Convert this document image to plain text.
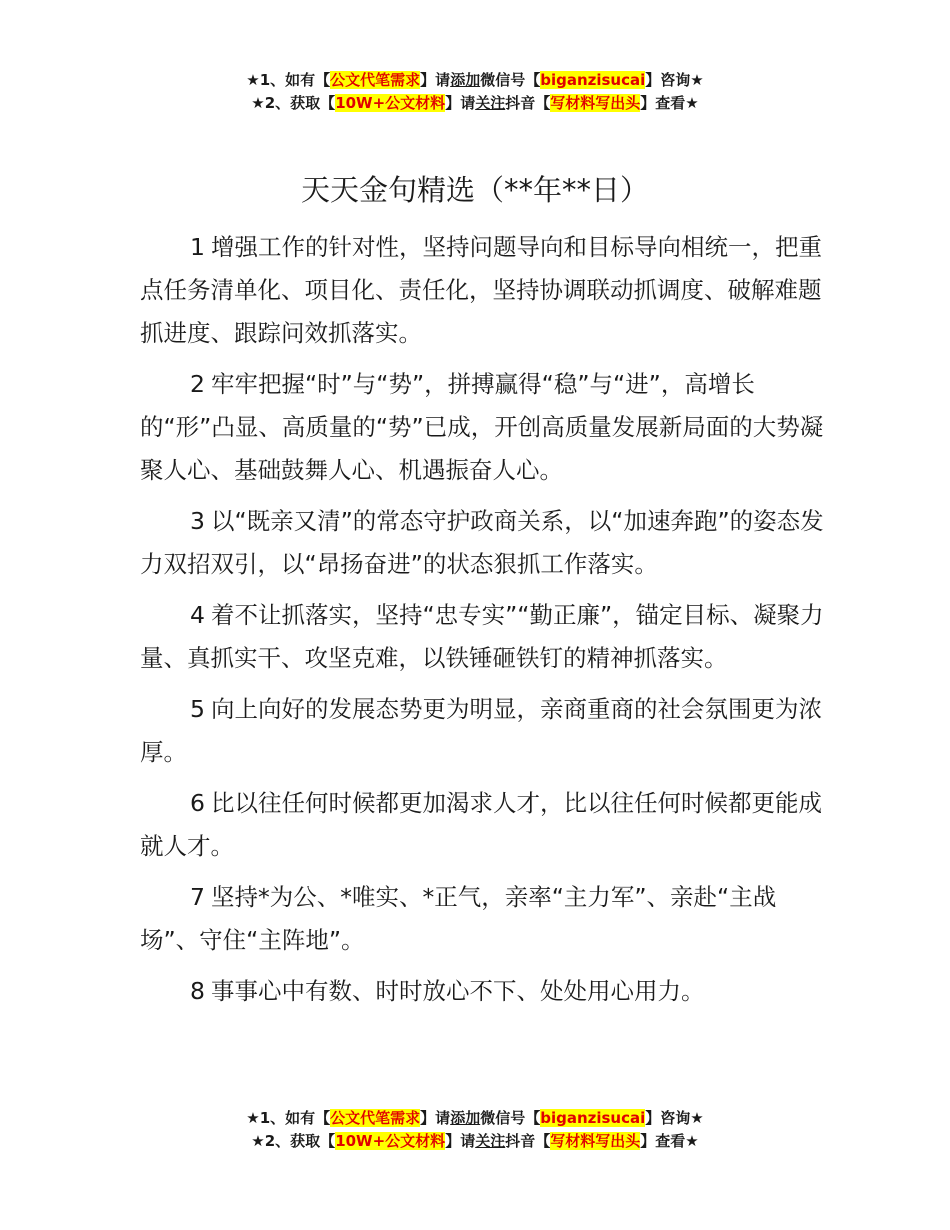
★1、如有【公文代笔需求】请添加微信号【biganzisucai】咨询★
★2、获取【10W+公文材料】请关注抖音【写材料写出头】查看★
天天金句精选（**年**日）

1 增强工作的针对性，坚持问题导向和目标导向相统一，把重点任务清单化、项目化、责任化，坚持协调联动抓调度、破解难题抓进度、跟踪问效抓落实。

2 牢牢把握“时”与“势”，拼搏赢得“稳”与“进”，高增长的“形”凸显、高质量的“势”已成，开创高质量发展新局面的大势凝聚人心、基础鼓舞人心、机遇振奋人心。

3 以“既亲又清”的常态守护政商关系，以“加速奔跑”的姿态发力双招双引，以“昂扬奋进”的状态狠抓工作落实。

4 着不让抓落实，坚持“忠专实”“勤正廉”，锚定目标、凝聚力量、真抓实干、攻坚克难，以铁锤砸铁钉的精神抓落实。

5 向上向好的发展态势更为明显，亲商重商的社会氛围更为浓厚。

6 比以往任何时候都更加渴求人才，比以往任何时候都更能成就人才。

7 坚持*为公、*唯实、*正气，亲率“主力军”、亲赴“主战场”、守住“主阵地”。

8 事事心中有数、时时放心不下、处处用心用力。

★1、如有【公文代笔需求】请添加微信号【biganzisucai】咨询★
★2、获取【10W+公文材料】请关注抖音【写材料写出头】查看★
